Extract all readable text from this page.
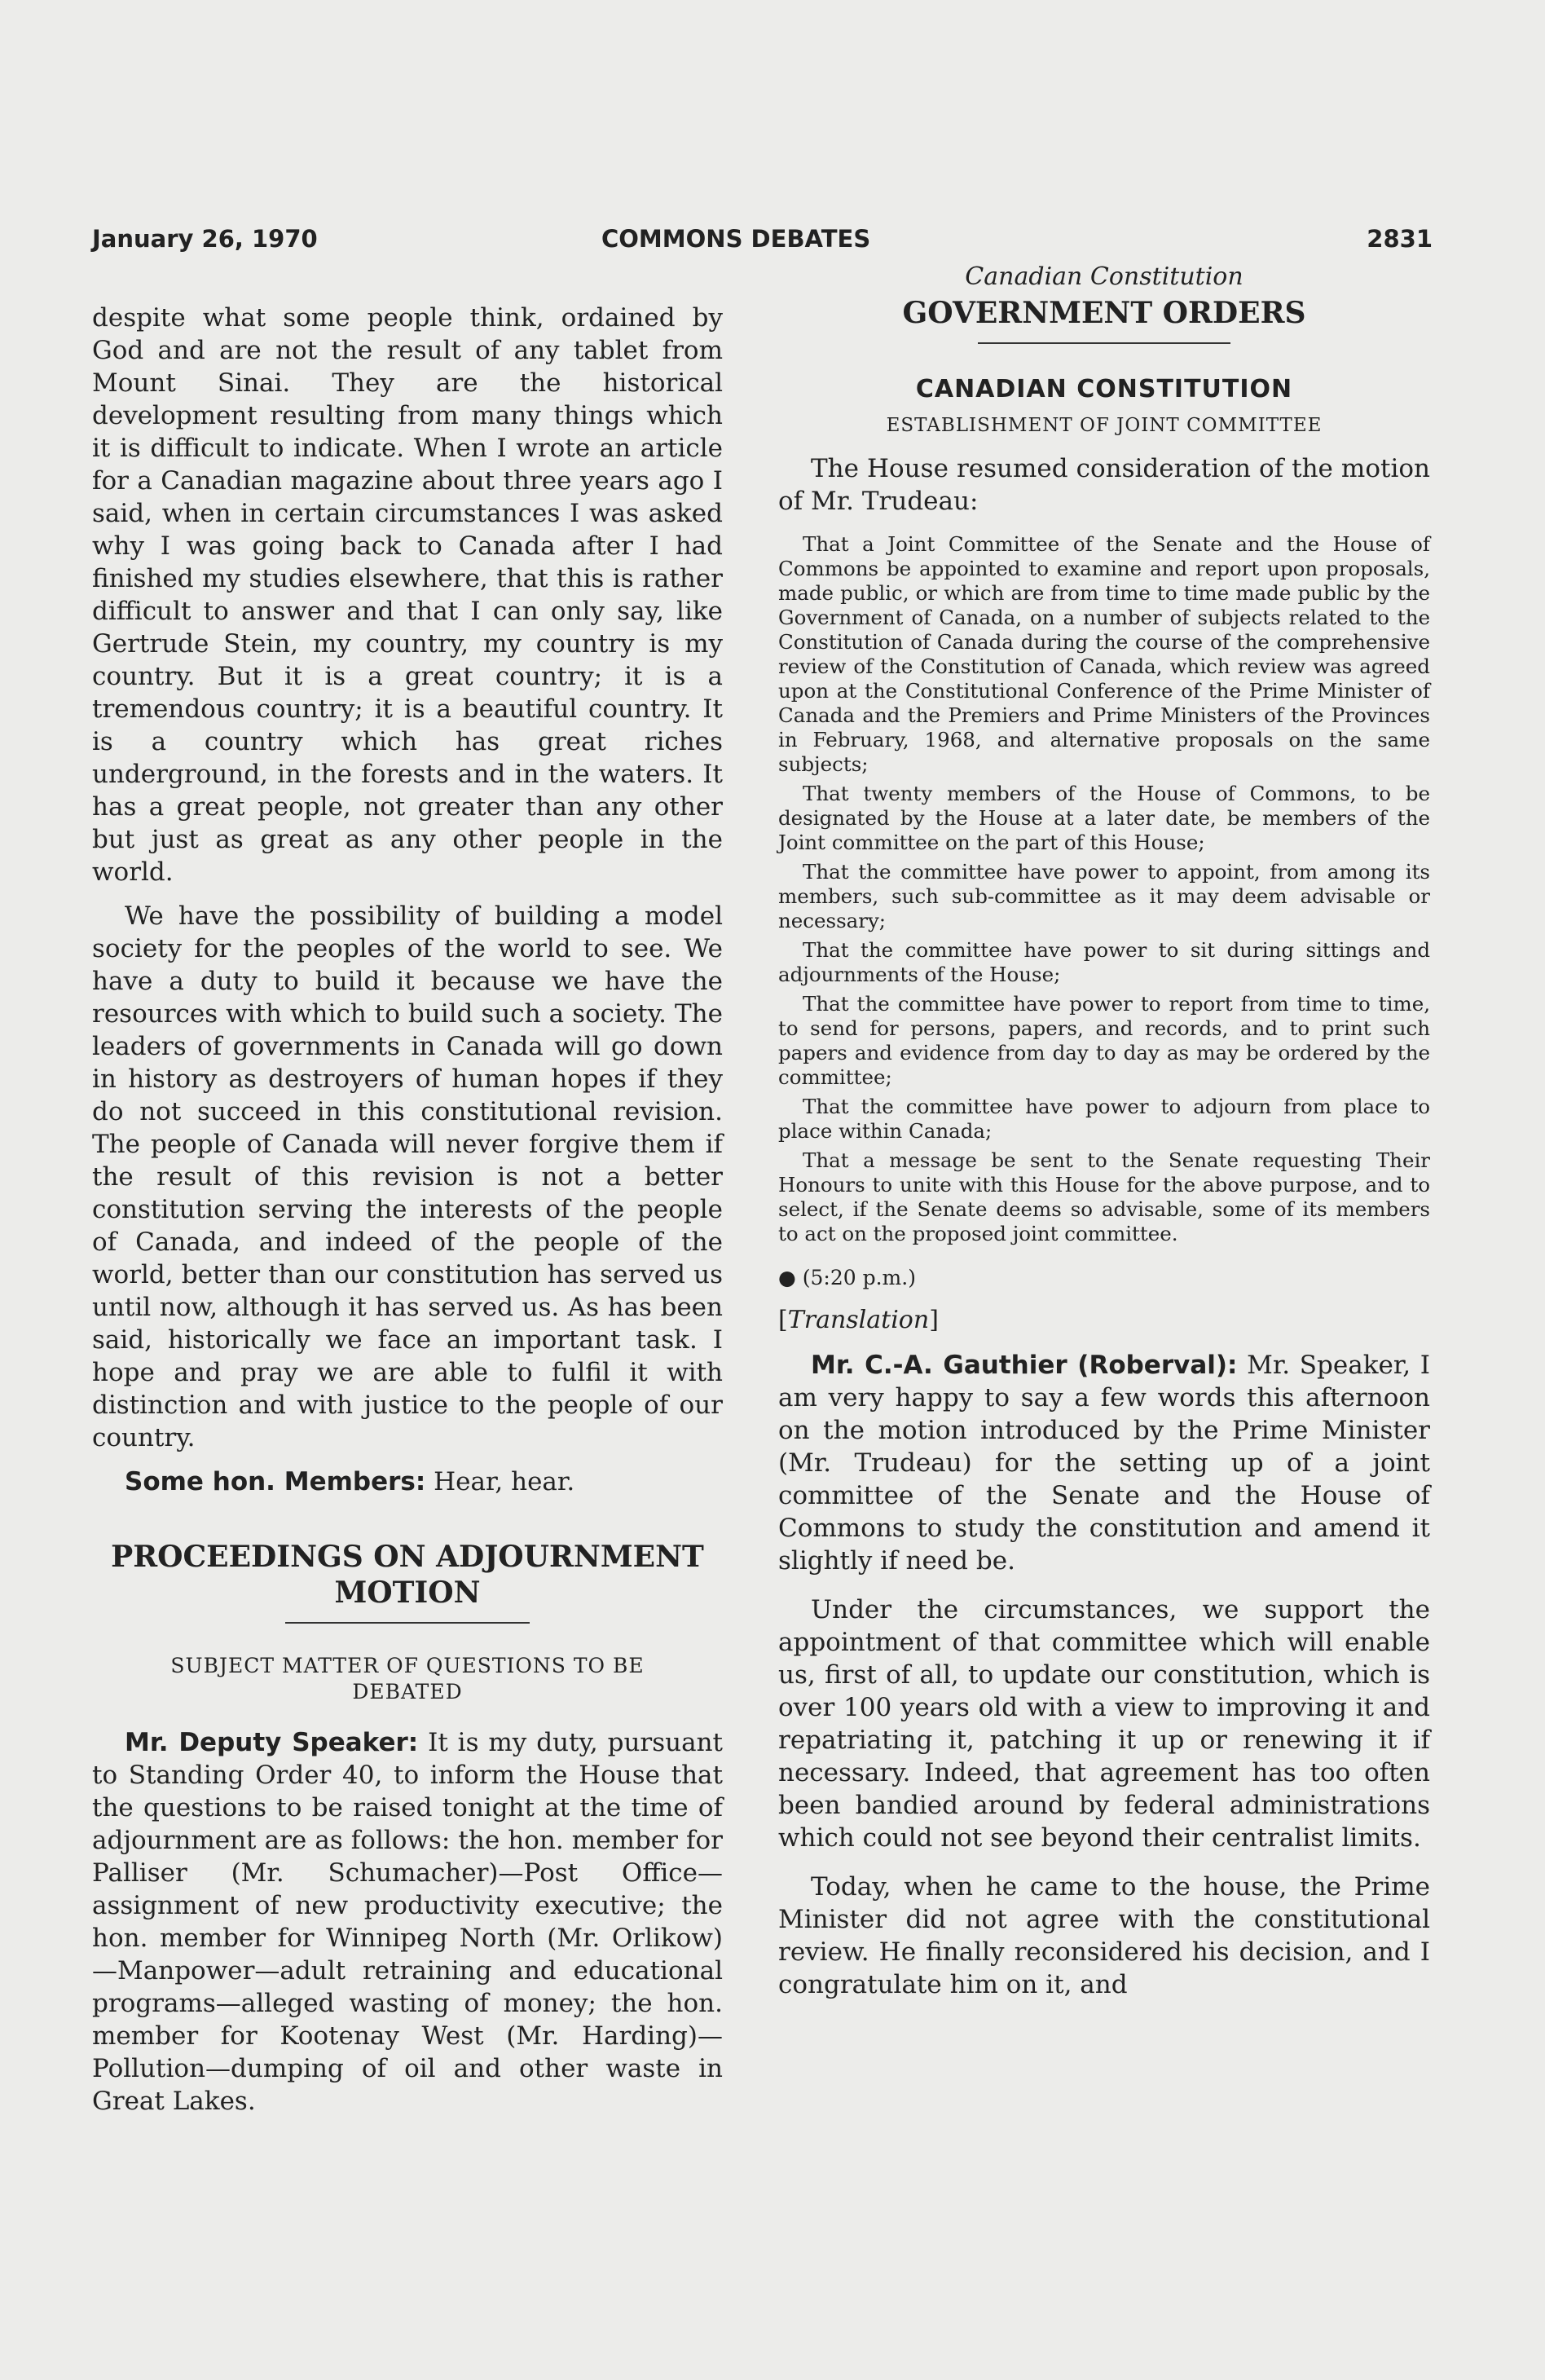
January 26, 1970	COMMONS DEBATES	2831

despite what some people think, ordained by God and are not the result of any tablet from Mount Sinai. They are the historical development resulting from many things which it is difficult to indicate. When I wrote an article for a Canadian magazine about three years ago I said, when in certain circumstances I was asked why I was going back to Canada after I had finished my studies elsewhere, that this is rather difficult to answer and that I can only say, like Gertrude Stein, my country, my country is my country. But it is a great country; it is a tremendous country; it is a beautiful country. It is a country which has great riches underground, in the forests and in the waters. It has a great people, not greater than any other but just as great as any other people in the world.

We have the possibility of building a model society for the peoples of the world to see. We have a duty to build it because we have the resources with which to build such a society. The leaders of governments in Canada will go down in history as destroyers of human hopes if they do not succeed in this constitutional revision. The people of Canada will never forgive them if the result of this revision is not a better constitution serving the interests of the people of Canada, and indeed of the people of the world, better than our constitution has served us until now, although it has served us. As has been said, historically we face an important task. I hope and pray we are able to fulfil it with distinction and with justice to the people of our country.

Some hon. Members: Hear, hear.

PROCEEDINGS ON ADJOURNMENT MOTION
SUBJECT MATTER OF QUESTIONS TO BE DEBATED

Mr. Deputy Speaker: It is my duty, pursuant to Standing Order 40, to inform the House that the questions to be raised tonight at the time of adjournment are as follows: the hon. member for Palliser (Mr. Schumacher)—Post Office—assignment of new productivity executive; the hon. member for Winnipeg North (Mr. Orlikow)—Manpower—adult retraining and educational programs—alleged wasting of money; the hon. member for Kootenay West (Mr. Harding)—Pollution—dumping of oil and other waste in Great Lakes.

Canadian Constitution
GOVERNMENT ORDERS
CANADIAN CONSTITUTION
ESTABLISHMENT OF JOINT COMMITTEE

The House resumed consideration of the motion of Mr. Trudeau:

That a Joint Committee of the Senate and the House of Commons be appointed to examine and report upon proposals, made public, or which are from time to time made public by the Government of Canada, on a number of subjects related to the Constitution of Canada during the course of the comprehensive review of the Constitution of Canada, which review was agreed upon at the Constitutional Conference of the Prime Minister of Canada and the Premiers and Prime Ministers of the Provinces in February, 1968, and alternative proposals on the same subjects;

That twenty members of the House of Commons, to be designated by the House at a later date, be members of the Joint committee on the part of this House;

That the committee have power to appoint, from among its members, such sub-committee as it may deem advisable or necessary;

That the committee have power to sit during sittings and adjournments of the House;

That the committee have power to report from time to time, to send for persons, papers, and records, and to print such papers and evidence from day to day as may be ordered by the committee;

That the committee have power to adjourn from place to place within Canada;

That a message be sent to the Senate requesting Their Honours to unite with this House for the above purpose, and to select, if the Senate deems so advisable, some of its members to act on the proposed joint committee.

● (5:20 p.m.)
[Translation]

Mr. C.-A. Gauthier (Roberval): Mr. Speaker, I am very happy to say a few words this afternoon on the motion introduced by the Prime Minister (Mr. Trudeau) for the setting up of a joint committee of the Senate and the House of Commons to study the constitution and amend it slightly if need be.

Under the circumstances, we support the appointment of that committee which will enable us, first of all, to update our constitution, which is over 100 years old with a view to improving it and repatriating it, patching it up or renewing it if necessary. Indeed, that agreement has too often been bandied around by federal administrations which could not see beyond their centralist limits.

Today, when he came to the house, the Prime Minister did not agree with the constitutional review. He finally reconsidered his decision, and I congratulate him on it, and
